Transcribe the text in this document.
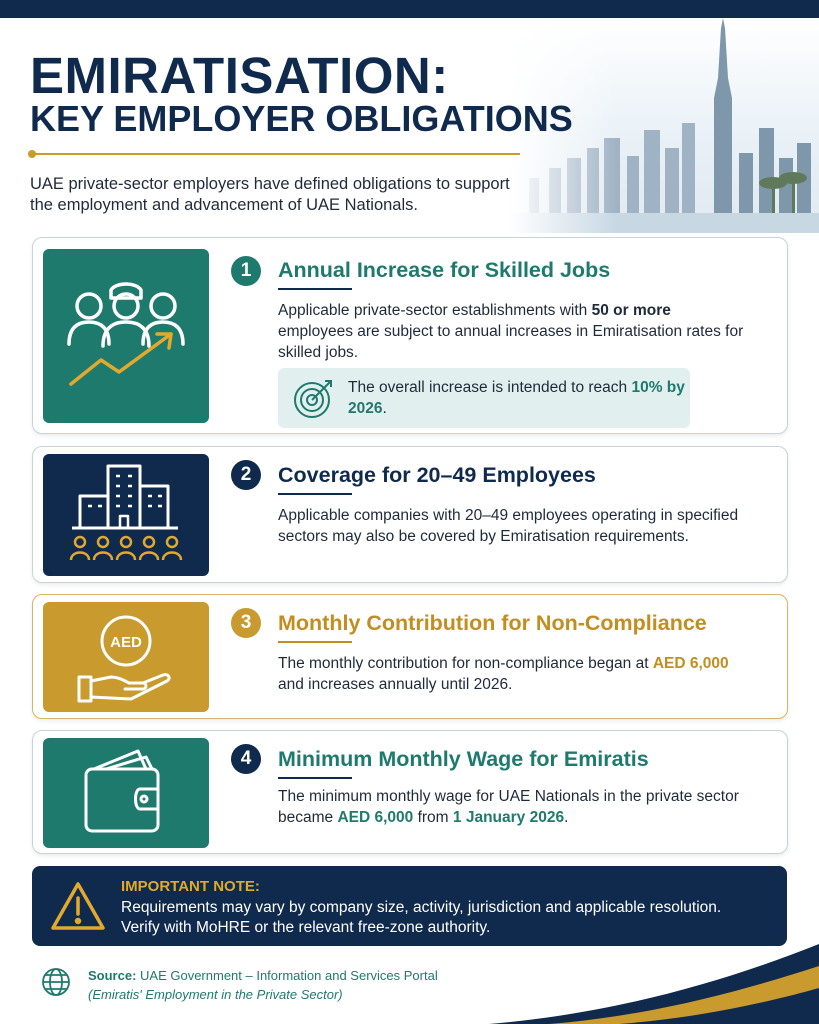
EMIRATISATION:
KEY EMPLOYER OBLIGATIONS
UAE private-sector employers have defined obligations to support the employment and advancement of UAE Nationals.
1	Annual Increase for Skilled Jobs
Applicable private-sector establishments with 50 or more employees are subject to annual increases in Emiratisation rates for skilled jobs.
The overall increase is intended to reach 10% by 2026.
2	Coverage for 20–49 Employees
Applicable companies with 20–49 employees operating in specified sectors may also be covered by Emiratisation requirements.
AED
3	Monthly Contribution for Non-Compliance
The monthly contribution for non-compliance began at AED 6,000 and increases annually until 2026.
4	Minimum Monthly Wage for Emiratis
The minimum monthly wage for UAE Nationals in the private sector became AED 6,000 from 1 January 2026.
IMPORTANT NOTE:
Requirements may vary by company size, activity, jurisdiction and applicable resolution. Verify with MoHRE or the relevant free-zone authority.
Source: UAE Government – Information and Services Portal
(Emiratis' Employment in the Private Sector)
